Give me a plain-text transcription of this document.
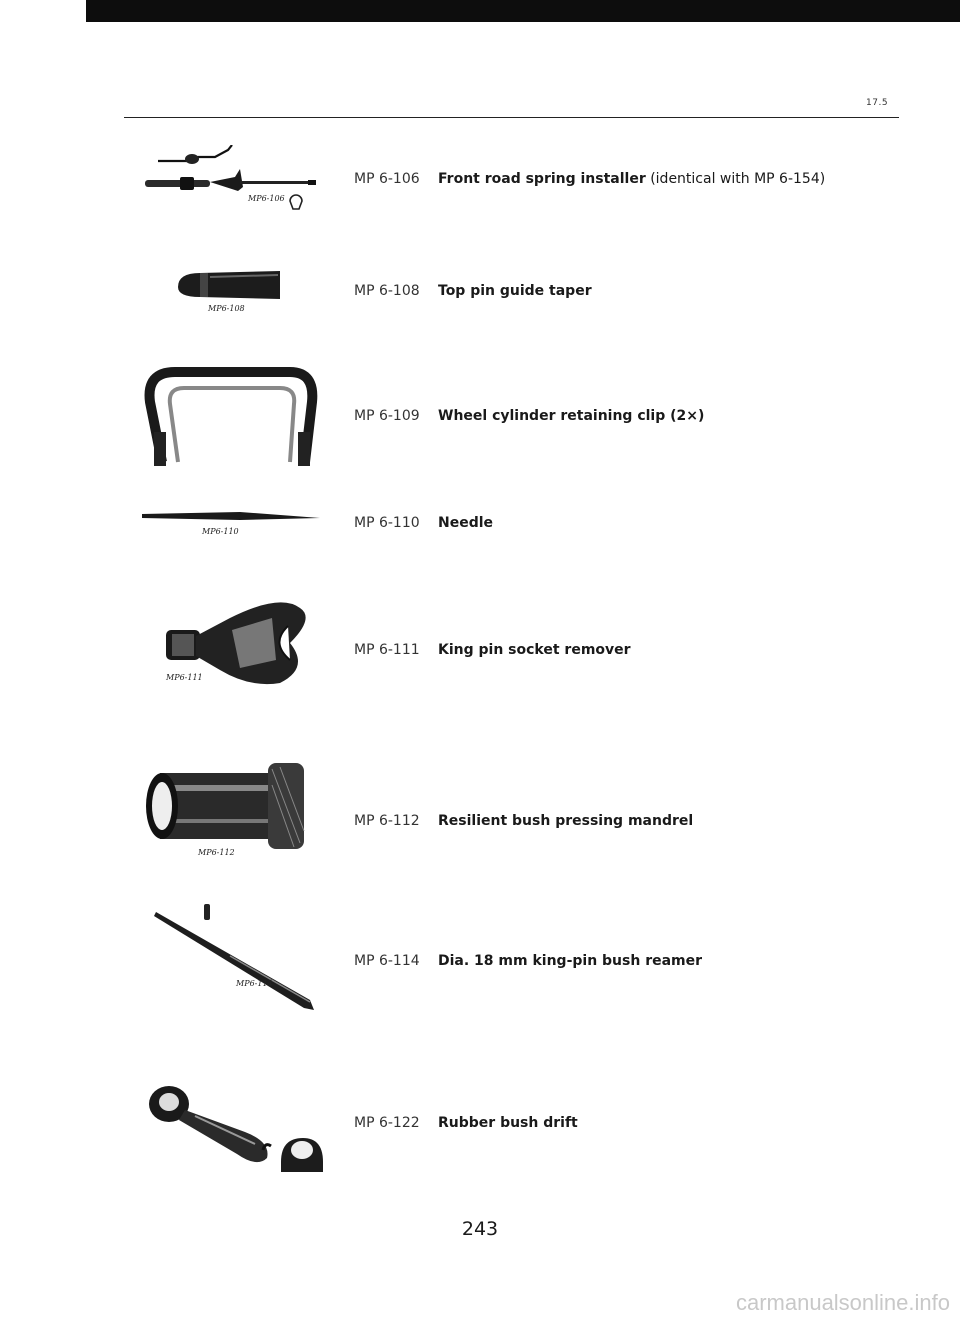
17.5
MP6-106
MP 6-106 Front road spring installer (identical with MP 6-154)
MP6-108
MP 6-108 Top pin guide taper
MP6-109
MP 6-109 Wheel cylinder retaining clip (2×)
MP6-110
MP 6-110 Needle
MP6-111
MP 6-111 King pin socket remover
MP6-112
MP 6-112 Resilient bush pressing mandrel
MP6-114
MP 6-114 Dia. 18 mm king-pin bush reamer
MP 6-122 Rubber bush drift
243
carmanualsonline.info
